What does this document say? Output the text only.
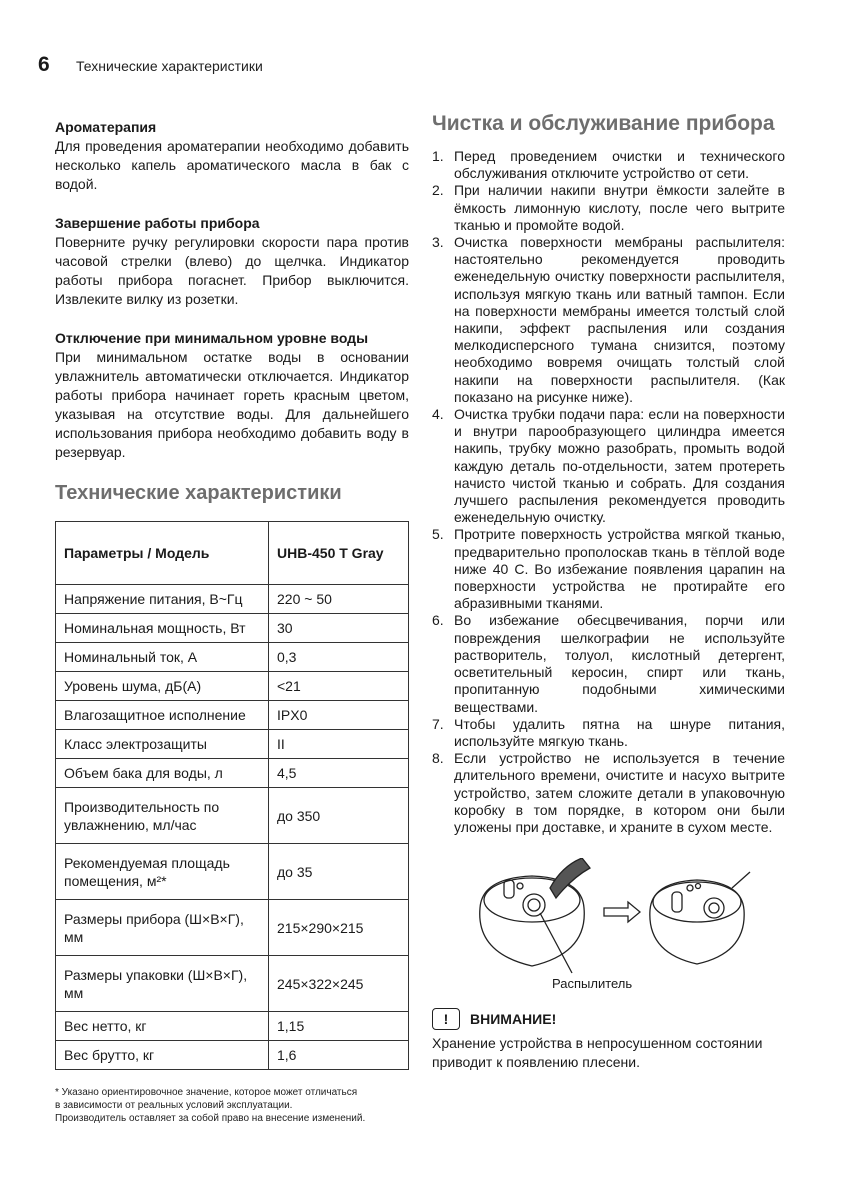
6	Технические характеристики
Ароматерапия
Для проведения ароматерапии необходимо добавить несколько капель ароматического масла в бак с водой.
Завершение работы прибора
Поверните ручку регулировки скорости пара против часовой стрелки (влево) до щелчка. Индикатор работы прибора погаснет. Прибор выключится. Извлеките вилку из розетки.
Отключение при минимальном уровне воды
При минимальном остатке воды в основании увлажнитель автоматически отключается. Индикатор работы прибора начинает гореть красным цветом, указывая на отсутствие воды. Для дальнейшего использования прибора необходимо добавить воду в резервуар.
Технические характеристики
Параметры / Модель	UHB-450 T Gray
Напряжение питания, В~Гц	220 ~ 50
Номинальная мощность, Вт	30
Номинальный ток, А	0,3
Уровень шума, дБ(А)	<21
Влагозащитное исполнение	IPX0
Класс электрозащиты	II
Объем бака для воды, л	4,5
Производительность по увлажнению, мл/час	до 350
Рекомендуемая площадь помещения, м²*	до 35
Размеры прибора (Ш×В×Г), мм	215×290×215
Размеры упаковки (Ш×В×Г), мм	245×322×245
Вес нетто, кг	1,15
Вес брутто, кг	1,6
* Указано ориентировочное значение, которое может отличаться
в зависимости от реальных условий эксплуатации.
Производитель оставляет за собой право на внесение изменений.
Чистка и обслуживание прибора
1. Перед проведением очистки и технического обслуживания отключите устройство от сети.
2. При наличии накипи внутри ёмкости залейте в ёмкость лимонную кислоту, после чего вытрите тканью и промойте водой.
3. Очистка поверхности мембраны распылителя: настоятельно рекомендуется проводить еженедельную очистку поверхности распылителя, используя мягкую ткань или ватный тампон. Если на поверхности мембраны имеется толстый слой накипи, эффект распыления или создания мелкодисперсного тумана снизится, поэтому необходимо вовремя очищать толстый слой накипи на поверхности распылителя. (Как показано на рисунке ниже).
4. Очистка трубки подачи пара: если на поверхности и внутри парообразующего цилиндра имеется накипь, трубку можно разобрать, промыть водой каждую деталь по-отдельности, затем протереть начисто чистой тканью и собрать. Для создания лучшего распыления рекомендуется проводить еженедельную очистку.
5. Протрите поверхность устройства мягкой тканью, предварительно прополоскав ткань в тёплой воде ниже 40 С. Во избежание появления царапин на поверхности устройства не протирайте его абразивными тканями.
6. Во избежание обесцвечивания, порчи или повреждения шелкографии не используйте растворитель, толуол, кислотный детергент, осветительный керосин, спирт или ткань, пропитанную подобными химическими веществами.
7. Чтобы удалить пятна на шнуре питания, используйте мягкую ткань.
8. Если устройство не используется в течение длительного времени, очистите и насухо вытрите устройство, затем сложите детали в упаковочную коробку в том порядке, в котором они были уложены при доставке, и храните в сухом месте.
Распылитель
!	ВНИМАНИЕ!
Хранение устройства в непросушенном состоянии приводит к появлению плесени.
